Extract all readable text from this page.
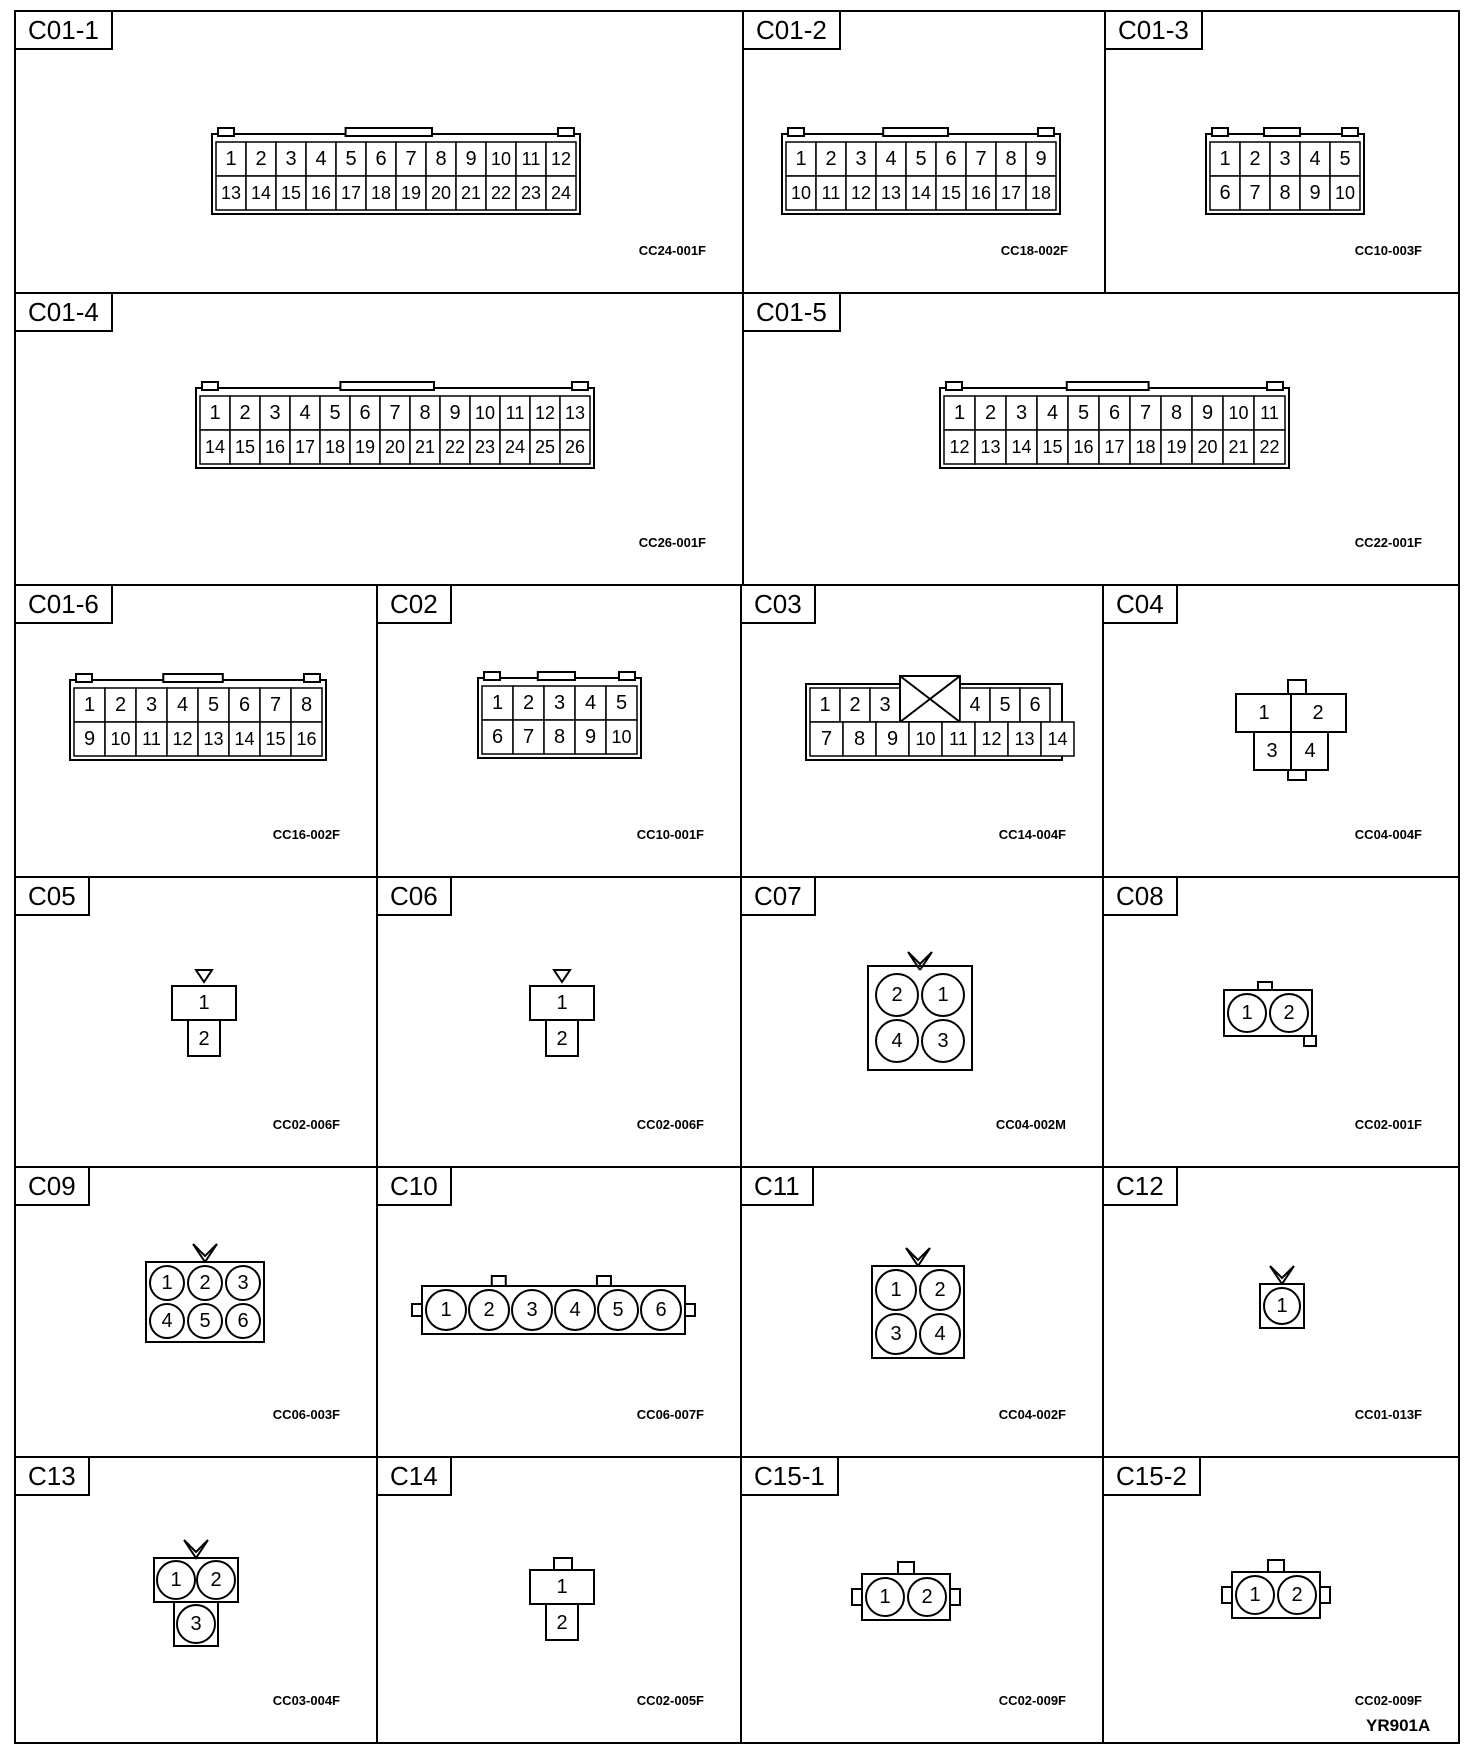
C01-1
CC24-001F
1 2 3 4 5 6 7 8 9 10 11 12
13 14 15 16 17 18 19 20 21 22 23 24
C01-2
CC18-002F
1 2 3 4 5 6 7 8 9
10 11 12 13 14 15 16 17 18
C01-3
CC10-003F
1 2 3 4 5
6 7 8 9 10
C01-4
CC26-001F
1 2 3 4 5 6 7 8 9 10 11 12 13
14 15 16 17 18 19 20 21 22 23 24 25 26
C01-5
CC22-001F
1 2 3 4 5 6 7 8 9 10 11
12 13 14 15 16 17 18 19 20 21 22
C01-6
CC16-002F
1 2 3 4 5 6 7 8
9 10 11 12 13 14 15 16
C02
CC10-001F
1 2 3 4 5
6 7 8 9 10
C03
CC14-004F
1 2 3	4 5 6
7 8 9 10 11 12 13 14
C04
CC04-004F
1 2
3 4
C05
CC02-006F
1
2
C06
CC02-006F
1
2
C07
CC04-002M
2 1
4 3
C08
CC02-001F
1 2
C09
CC06-003F
1 2 3
4 5 6
C10
CC06-007F
1 2 3 4 5 6
C11
CC04-002F
1 2
3 4
C12
CC01-013F
1
C13
CC03-004F
1 2
3
C14
CC02-005F
1
2
C15-1
CC02-009F
1 2
C15-2
CC02-009F
1 2
YR901A
